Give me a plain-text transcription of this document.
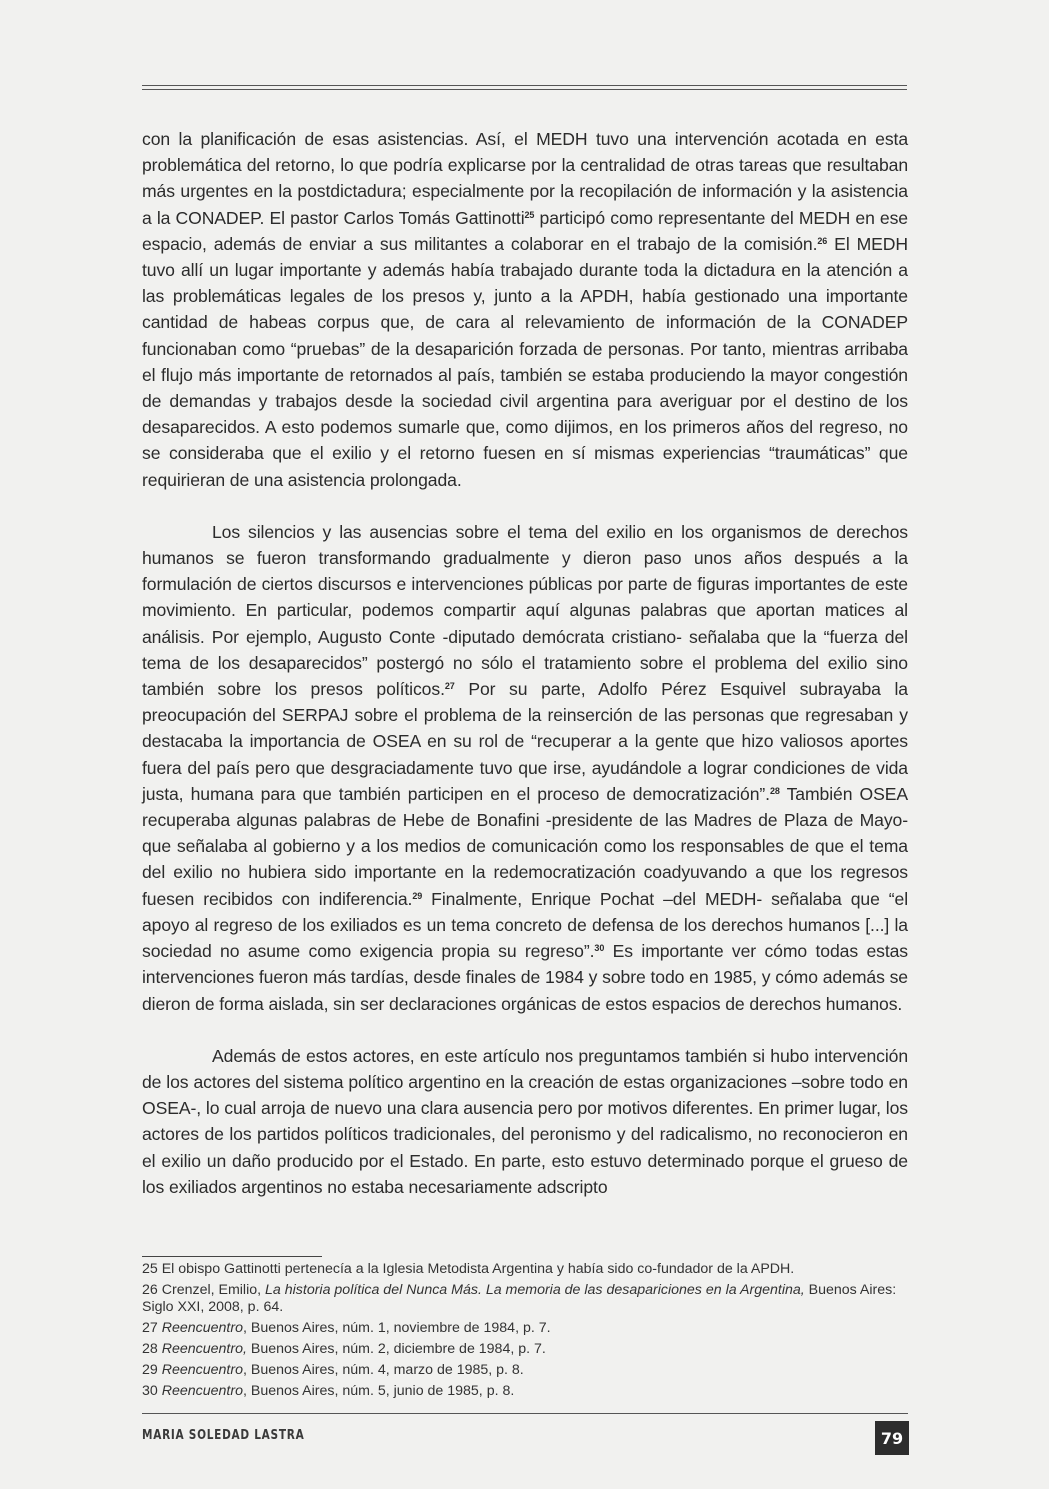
con la planificación de esas asistencias. Así, el MEDH tuvo una intervención acotada en esta problemática del retorno, lo que podría explicarse por la centralidad de otras tareas que resultaban más urgentes en la postdictadura; especialmente por la recopilación de información y la asistencia a la CONADEP. El pastor Carlos Tomás Gattinotti$^{25}$ participó como representante del MEDH en ese espacio, además de enviar a sus militantes a colaborar en el trabajo de la comisión.$^{26}$ El MEDH tuvo allí un lugar importante y además había trabajado durante toda la dictadura en la atención a las problemáticas legales de los presos y, junto a la APDH, había gestionado una importante cantidad de habeas corpus que, de cara al relevamiento de información de la CONADEP funcionaban como “pruebas” de la desaparición forzada de personas. Por tanto, mientras arribaba el flujo más importante de retornados al país, también se estaba produciendo la mayor congestión de demandas y trabajos desde la sociedad civil argentina para averiguar por el destino de los desaparecidos. A esto podemos sumarle que, como dijimos, en los primeros años del regreso, no se consideraba que el exilio y el retorno fuesen en sí mismas experiencias “traumáticas” que requirieran de una asistencia prolongada.

Los silencios y las ausencias sobre el tema del exilio en los organismos de derechos humanos se fueron transformando gradualmente y dieron paso unos años después a la formulación de ciertos discursos e intervenciones públicas por parte de figuras importantes de este movimiento. En particular, podemos compartir aquí algunas palabras que aportan matices al análisis. Por ejemplo, Augusto Conte -diputado demócrata cristiano- señalaba que la “fuerza del tema de los desaparecidos” postergó no sólo el tratamiento sobre el problema del exilio sino también sobre los presos políticos.$^{27}$ Por su parte, Adolfo Pérez Esquivel subrayaba la preocupación del SERPAJ sobre el problema de la reinserción de las personas que regresaban y destacaba la importancia de OSEA en su rol de “recuperar a la gente que hizo valiosos aportes fuera del país pero que desgraciadamente tuvo que irse, ayudándole a lograr condiciones de vida justa, humana para que también participen en el proceso de democratización”.$^{28}$ También OSEA recuperaba algunas palabras de Hebe de Bonafini -presidente de las Madres de Plaza de Mayo- que señalaba al gobierno y a los medios de comunicación como los responsables de que el tema del exilio no hubiera sido importante en la redemocratización coadyuvando a que los regresos fuesen recibidos con indiferencia.$^{29}$ Finalmente, Enrique Pochat –del MEDH- señalaba que “el apoyo al regreso de los exiliados es un tema concreto de defensa de los derechos humanos [...] la sociedad no asume como exigencia propia su regreso”.$^{30}$ Es importante ver cómo todas estas intervenciones fueron más tardías, desde finales de 1984 y sobre todo en 1985, y cómo además se dieron de forma aislada, sin ser declaraciones orgánicas de estos espacios de derechos humanos.

Además de estos actores, en este artículo nos preguntamos también si hubo intervención de los actores del sistema político argentino en la creación de estas organizaciones –sobre todo en OSEA-, lo cual arroja de nuevo una clara ausencia pero por motivos diferentes. En primer lugar, los actores de los partidos políticos tradicionales, del peronismo y del radicalismo, no reconocieron en el exilio un daño producido por el Estado. En parte, esto estuvo determinado porque el grueso de los exiliados argentinos no estaba necesariamente adscripto

25 El obispo Gattinotti pertenecía a la Iglesia Metodista Argentina y había sido co-fundador de la APDH.
26 Crenzel, Emilio, La historia política del Nunca Más. La memoria de las desapariciones en la Argentina, Buenos Aires: Siglo XXI, 2008, p. 64.
27 Reencuentro, Buenos Aires, núm. 1, noviembre de 1984, p. 7.
28 Reencuentro, Buenos Aires, núm. 2, diciembre de 1984, p. 7.
29 Reencuentro, Buenos Aires, núm. 4, marzo de 1985, p. 8.
30 Reencuentro, Buenos Aires, núm. 5, junio de 1985, p. 8.
MARIA SOLEDAD LASTRA	79
